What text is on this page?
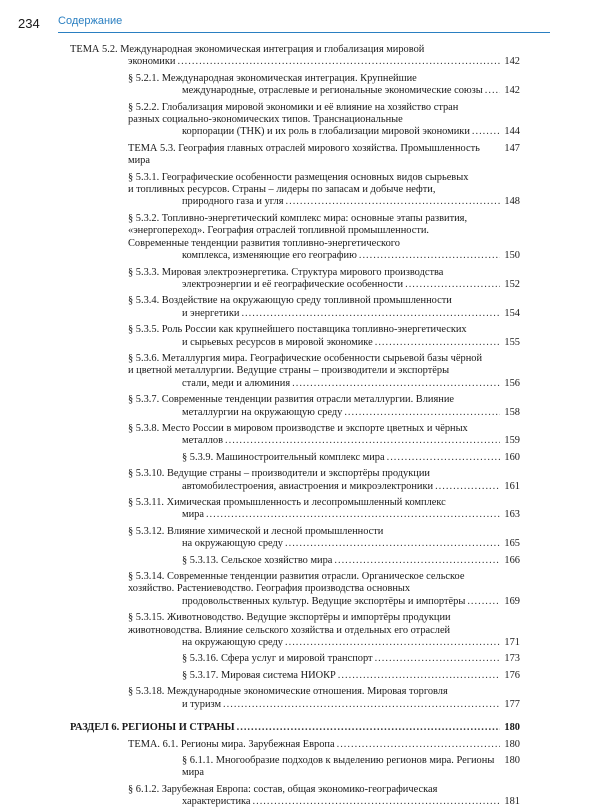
234 Содержание
ТЕМА 5.2. Международная экономическая интеграция и глобализация мировой
экономики .....	142
§ 5.2.1. Международная экономическая интеграция. Крупнейшие
международные, отраслевые и региональные экономические союзы ..... 142
§ 5.2.2. Глобализация мировой экономики и её влияние на хозяйство стран
разных социально-экономических типов. Транснациональные
корпорации (ТНК) и их роль в глобализации мировой экономики .....	144
ТЕМА 5.3. География главных отраслей мирового хозяйства. Промышленность мира
147
§ 5.3.1. Географические особенности размещения основных видов сырьевых
и топливных ресурсов. Страны – лидеры по запасам и добыче нефти,
природного газа и угля .....	148
§ 5.3.2. Топливно-энергетический комплекс мира: основные этапы развития,
«энергопереход». География отраслей топливной промышленности.
Современные тенденции развития топливно-энергетического
комплекса, изменяющие его географию .....	150
§ 5.3.3. Мировая электроэнергетика. Структура мирового производства
электроэнергии и её географические особенности .....	152
§ 5.3.4. Воздействие на окружающую среду топливной промышленности
и энергетики .....	154
§ 5.3.5. Роль России как крупнейшего поставщика топливно-энергетических
и сырьевых ресурсов в мировой экономике .....	155
§ 5.3.6. Металлургия мира. Географические особенности сырьевой базы чёрной
и цветной металлургии. Ведущие страны – производители и экспортёры
стали, меди и алюминия .....	156
§ 5.3.7. Современные тенденции развития отрасли металлургии. Влияние
металлургии на окружающую среду .....	158
§ 5.3.8. Место России в мировом производстве и экспорте цветных и чёрных
металлов .....	159
§ 5.3.9. Машиностроительный комплекс мира .....	160
§ 5.3.10. Ведущие страны – производители и экспортёры продукции
автомобилестроения, авиастроения и микроэлектроники .....	161
§ 5.3.11. Химическая промышленность и лесопромышленный комплекс
мира .....	163
§ 5.3.12. Влияние химической и лесной промышленности
на окружающую среду .....	165
§ 5.3.13. Сельское хозяйство мира .....	166
§ 5.3.14. Современные тенденции развития отрасли. Органическое сельское
хозяйство. Растениеводство. География производства основных
продовольственных культур. Ведущие экспортёры и импортёры .....	169
§ 5.3.15. Животноводство. Ведущие экспортёры и импортёры продукции
животноводства. Влияние сельского хозяйства и отдельных его отраслей
на окружающую среду .....	171
§ 5.3.16. Сфера услуг и мировой транспорт .....	173
§ 5.3.17. Мировая система НИОКР .....	176
§ 5.3.18. Международные экономические отношения. Мировая торговля
и туризм .....	177
РАЗДЕЛ 6. РЕГИОНЫ И СТРАНЫ .....	180
ТЕМА. 6.1. Регионы мира. Зарубежная Европа .....	180
§ 6.1.1. Многообразие подходов к выделению регионов мира. Регионы мира
180
§ 6.1.2. Зарубежная Европа: состав, общая экономико-географическая
характеристика .....	181
